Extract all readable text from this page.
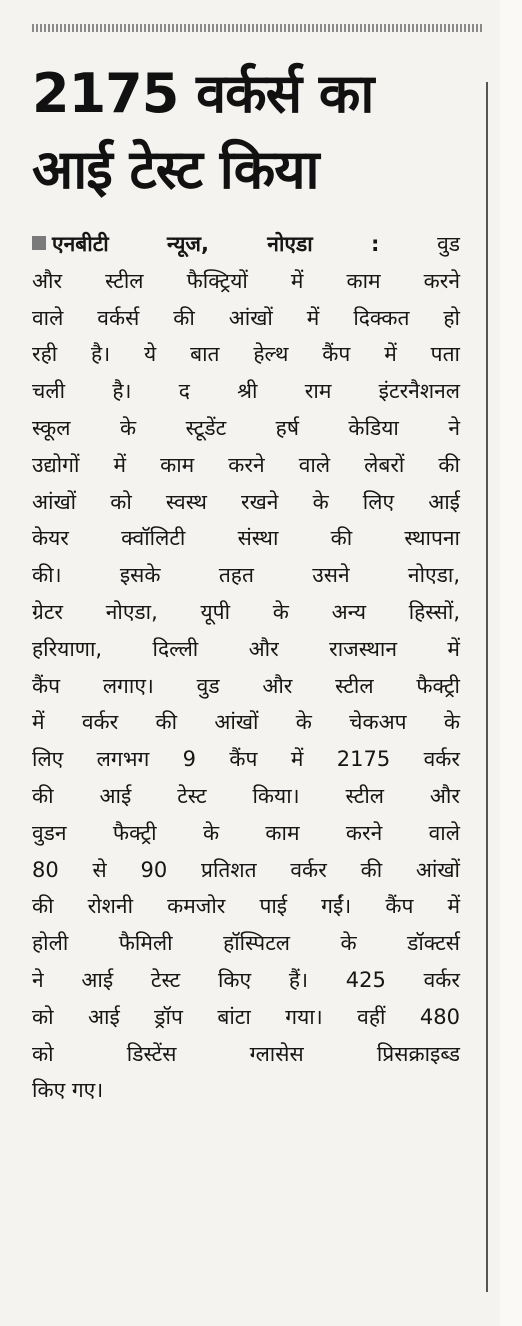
2175 वर्कर्स का
आई टेस्ट किया
एनबीटी न्यूज, नोएडा :	वुड
और स्टील फैक्ट्रियों में काम करने
वाले वर्कर्स की आंखों में दिक्कत हो
रही है। ये बात हेल्थ कैंप में पता
चली है। द श्री राम इंटरनैशनल
स्कूल के स्टूडेंट हर्ष केडिया ने
उद्योगों में काम करने वाले लेबरों की
आंखों को स्वस्थ रखने के लिए आई
केयर क्वॉलिटी संस्था की स्थापना
की। इसके तहत उसने नोएडा,
ग्रेटर नोएडा, यूपी के अन्य हिस्सों,
हरियाणा, दिल्ली और राजस्थान में
कैंप लगाए। वुड और स्टील फैक्ट्री
में वर्कर की आंखों के चेकअप के
लिए लगभग 9 कैंप में 2175 वर्कर
की आई टेस्ट किया। स्टील और
वुडन फैक्ट्री के काम करने वाले
80 से 90 प्रतिशत वर्कर की आंखों
की रोशनी कमजोर पाई गईं। कैंप में
होली फैमिली हॉस्पिटल के डॉक्टर्स
ने आई टेस्ट किए हैं। 425 वर्कर
को आई ड्रॉप बांटा गया। वहीं 480
को डिस्टेंस ग्लासेस प्रिसक्राइब्ड
किए गए।
